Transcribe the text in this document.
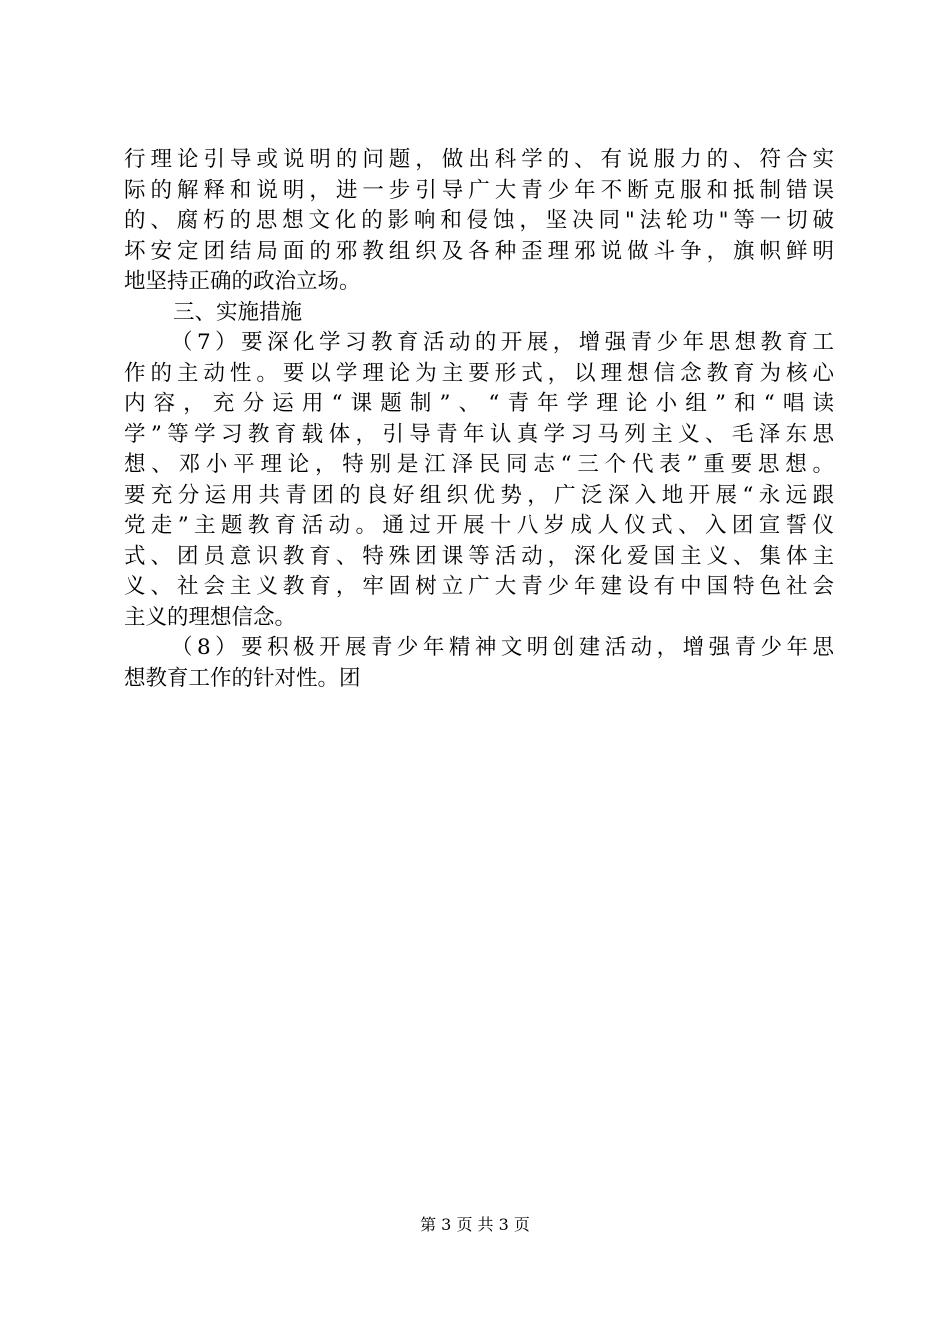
行理论引导或说明的问题，做出科学的、有说服力的、符合实
际的解释和说明，进一步引导广大青少年不断克服和抵制错误
的、腐朽的思想文化的影响和侵蚀，坚决同"法轮功"等一切破
坏安定团结局面的邪教组织及各种歪理邪说做斗争，旗帜鲜明
地坚持正确的政治立场。
三、实施措施
（7）要深化学习教育活动的开展，增强青少年思想教育工
作的主动性。要以学理论为主要形式，以理想信念教育为核心
内容，充分运用“课题制”、“青年学理论小组”和“唱读
学”等学习教育载体，引导青年认真学习马列主义、毛泽东思
想、邓小平理论，特别是江泽民同志“三个代表”重要思想。
要充分运用共青团的良好组织优势，广泛深入地开展“永远跟
党走”主题教育活动。通过开展十八岁成人仪式、入团宣誓仪
式、团员意识教育、特殊团课等活动，深化爱国主义、集体主
义、社会主义教育，牢固树立广大青少年建设有中国特色社会
主义的理想信念。
（8）要积极开展青少年精神文明创建活动，增强青少年思
想教育工作的针对性。团
第 3 页 共 3 页
